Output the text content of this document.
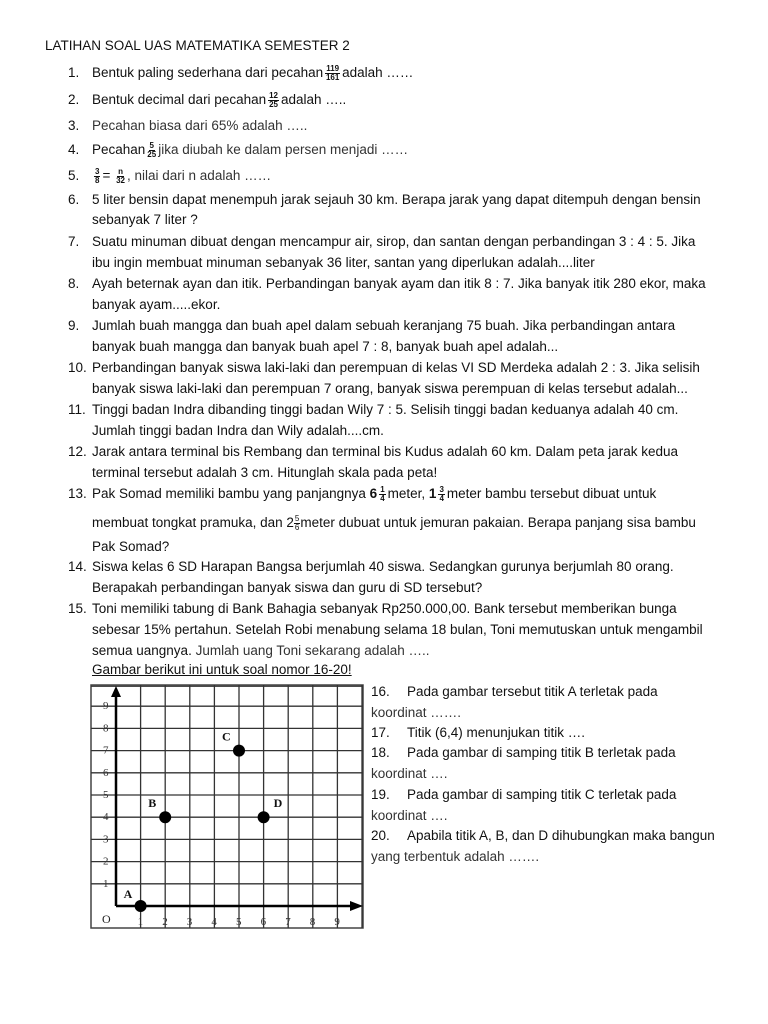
LATIHAN SOAL UAS MATEMATIKA SEMESTER 2
1. Bentuk paling sederhana dari pecahan $\frac{119}{161}$ adalah ……
2. Bentuk decimal dari pecahan $\frac{12}{25}$ adalah …..
3. Pecahan biasa dari 65% adalah …..
4. Pecahan $\frac{5}{25}$ jika diubah ke dalam persen menjadi ……
5. $\frac{3}{8} = \frac{n}{32}$ , nilai dari n adalah ……
13. Pak Somad memiliki bambu yang panjangnya $6 \frac{1}{4}$ meter, $1 \frac{3}{4}$ meter bambu tersebut dibuat untuk
membuat tongkat pramuka, dan $2 \frac{5}{6}$ meter dubuat untuk jemuran pakaian. Berapa panjang sisa bambu
Pak Somad?
semua uangnya. Jumlah uang Toni sekarang adalah …..
Gambar berikut ini untuk soal nomor 16-20!
O 1 2 3 4 5 6 7 8 9
1
2
3
4
5
6
7
8
9
A
B
C
D
16. Pada gambar tersebut titik A terletak pada
koordinat …….
17. Titik (6,4) menunjukan titik ….
18. Pada gambar di samping titik B terletak pada
koordinat ….
19. Pada gambar di samping titik C terletak pada
koordinat ….
20. Apabila titik A, B, dan D dihubungkan maka bangun
yang terbentuk adalah …….
6. 5 liter bensin dapat menempuh jarak sejauh 30 km. Berapa jarak yang dapat ditempuh dengan bensin
sebanyak 7 liter ?
7. Suatu minuman dibuat dengan mencampur air, sirop, dan santan dengan perbandingan 3 : 4 : 5. Jika
ibu ingin membuat minuman sebanyak 36 liter, santan yang diperlukan adalah....liter
8. Ayah beternak ayan dan itik. Perbandingan banyak ayam dan itik 8 : 7. Jika banyak itik 280 ekor, maka
banyak ayam.....ekor.
9. Jumlah buah mangga dan buah apel dalam sebuah keranjang 75 buah. Jika perbandingan antara
banyak buah mangga dan banyak buah apel 7 : 8, banyak buah apel adalah...
10. Perbandingan banyak siswa laki-laki dan perempuan di kelas VI SD Merdeka adalah 2 : 3. Jika selisih
banyak siswa laki-laki dan perempuan 7 orang, banyak siswa perempuan di kelas tersebut adalah...
11. Tinggi badan Indra dibanding tinggi badan Wily 7 : 5. Selisih tinggi badan keduanya adalah 40 cm.
Jumlah tinggi badan Indra dan Wily adalah....cm.
12. Jarak antara terminal bis Rembang dan terminal bis Kudus adalah 60 km. Dalam peta jarak kedua
terminal tersebut adalah 3 cm. Hitunglah skala pada peta!
14. Siswa kelas 6 SD Harapan Bangsa berjumlah 40 siswa. Sedangkan gurunya berjumlah 80 orang.
Berapakah perbandingan banyak siswa dan guru di SD tersebut?
15. Toni memiliki tabung di Bank Bahagia sebanyak Rp250.000,00. Bank tersebut memberikan bunga
sebesar 15% pertahun. Setelah Robi menabung selama 18 bulan, Toni memutuskan untuk mengambil
